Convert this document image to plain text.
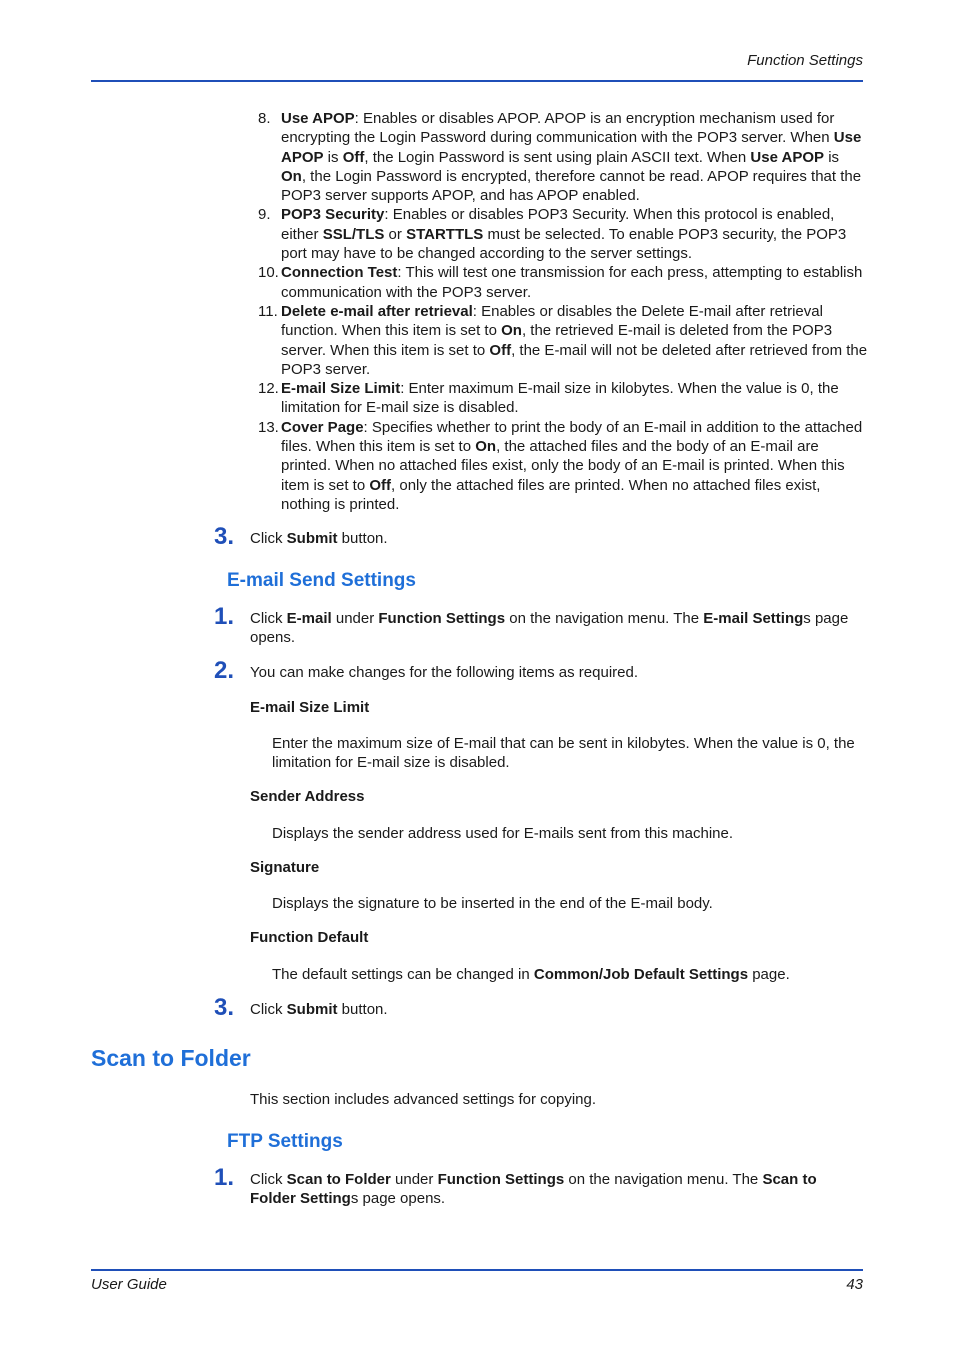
Function Settings
8. Use APOP: Enables or disables APOP. APOP is an encryption mechanism used for encrypting the Login Password during communication with the POP3 server. When Use APOP is Off, the Login Password is sent using plain ASCII text. When Use APOP is On, the Login Password is encrypted, therefore cannot be read. APOP requires that the POP3 server supports APOP, and has APOP enabled.
9. POP3 Security: Enables or disables POP3 Security. When this protocol is enabled, either SSL/TLS or STARTTLS must be selected. To enable POP3 security, the POP3 port may have to be changed according to the server settings.
10. Connection Test: This will test one transmission for each press, attempting to establish communication with the POP3 server.
11. Delete e-mail after retrieval: Enables or disables the Delete E-mail after retrieval function. When this item is set to On, the retrieved E-mail is deleted from the POP3 server. When this item is set to Off, the E-mail will not be deleted after retrieved from the POP3 server.
12. E-mail Size Limit: Enter maximum E-mail size in kilobytes. When the value is 0, the limitation for E-mail size is disabled.
13. Cover Page: Specifies whether to print the body of an E-mail in addition to the attached files. When this item is set to On, the attached files and the body of an E-mail are printed. When no attached files exist, only the body of an E-mail is printed. When this item is set to Off, only the attached files are printed. When no attached files exist, nothing is printed.
3. Click Submit button.
E-mail Send Settings
1. Click E-mail under Function Settings on the navigation menu. The E-mail Settings page opens.
2. You can make changes for the following items as required.
E-mail Size Limit
Enter the maximum size of E-mail that can be sent in kilobytes. When the value is 0, the limitation for E-mail size is disabled.
Sender Address
Displays the sender address used for E-mails sent from this machine.
Signature
Displays the signature to be inserted in the end of the E-mail body.
Function Default
The default settings can be changed in Common/Job Default Settings page.
3. Click Submit button.
Scan to Folder
This section includes advanced settings for copying.
FTP Settings
1. Click Scan to Folder under Function Settings on the navigation menu. The Scan to Folder Settings page opens.
User Guide	43
